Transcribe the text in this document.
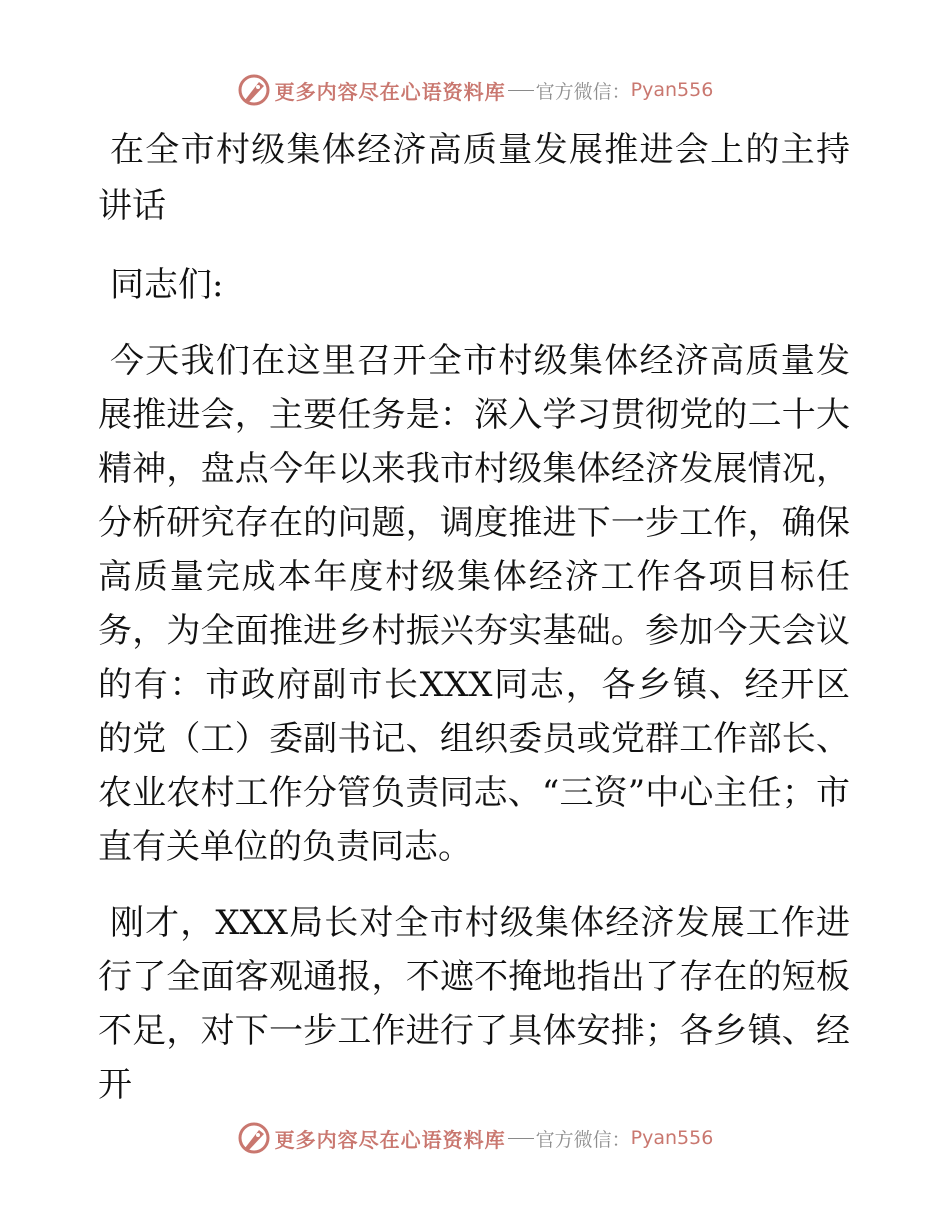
更多内容尽在心语资料库 官方微信： Pyan556
在全市村级集体经济高质量发展推进会上的主持讲话

同志们:

今天我们在这里召开全市村级集体经济高质量发展推进会，主要任务是：深入学习贯彻党的二十大精神，盘点今年以来我市村级集体经济发展情况，分析研究存在的问题，调度推进下一步工作，确保高质量完成本年度村级集体经济工作各项目标任务，为全面推进乡村振兴夯实基础。参加今天会议的有：市政府副市长XXX同志，各乡镇、经开区的党（工）委副书记、组织委员或党群工作部长、农业农村工作分管负责同志、“三资”中心主任；市直有关单位的负责同志。

刚才，XXX局长对全市村级集体经济发展工作进行了全面客观通报，不遮不掩地指出了存在的短板不足，对下一步工作进行了具体安排；各乡镇、经开

更多内容尽在心语资料库 官方微信： Pyan556
